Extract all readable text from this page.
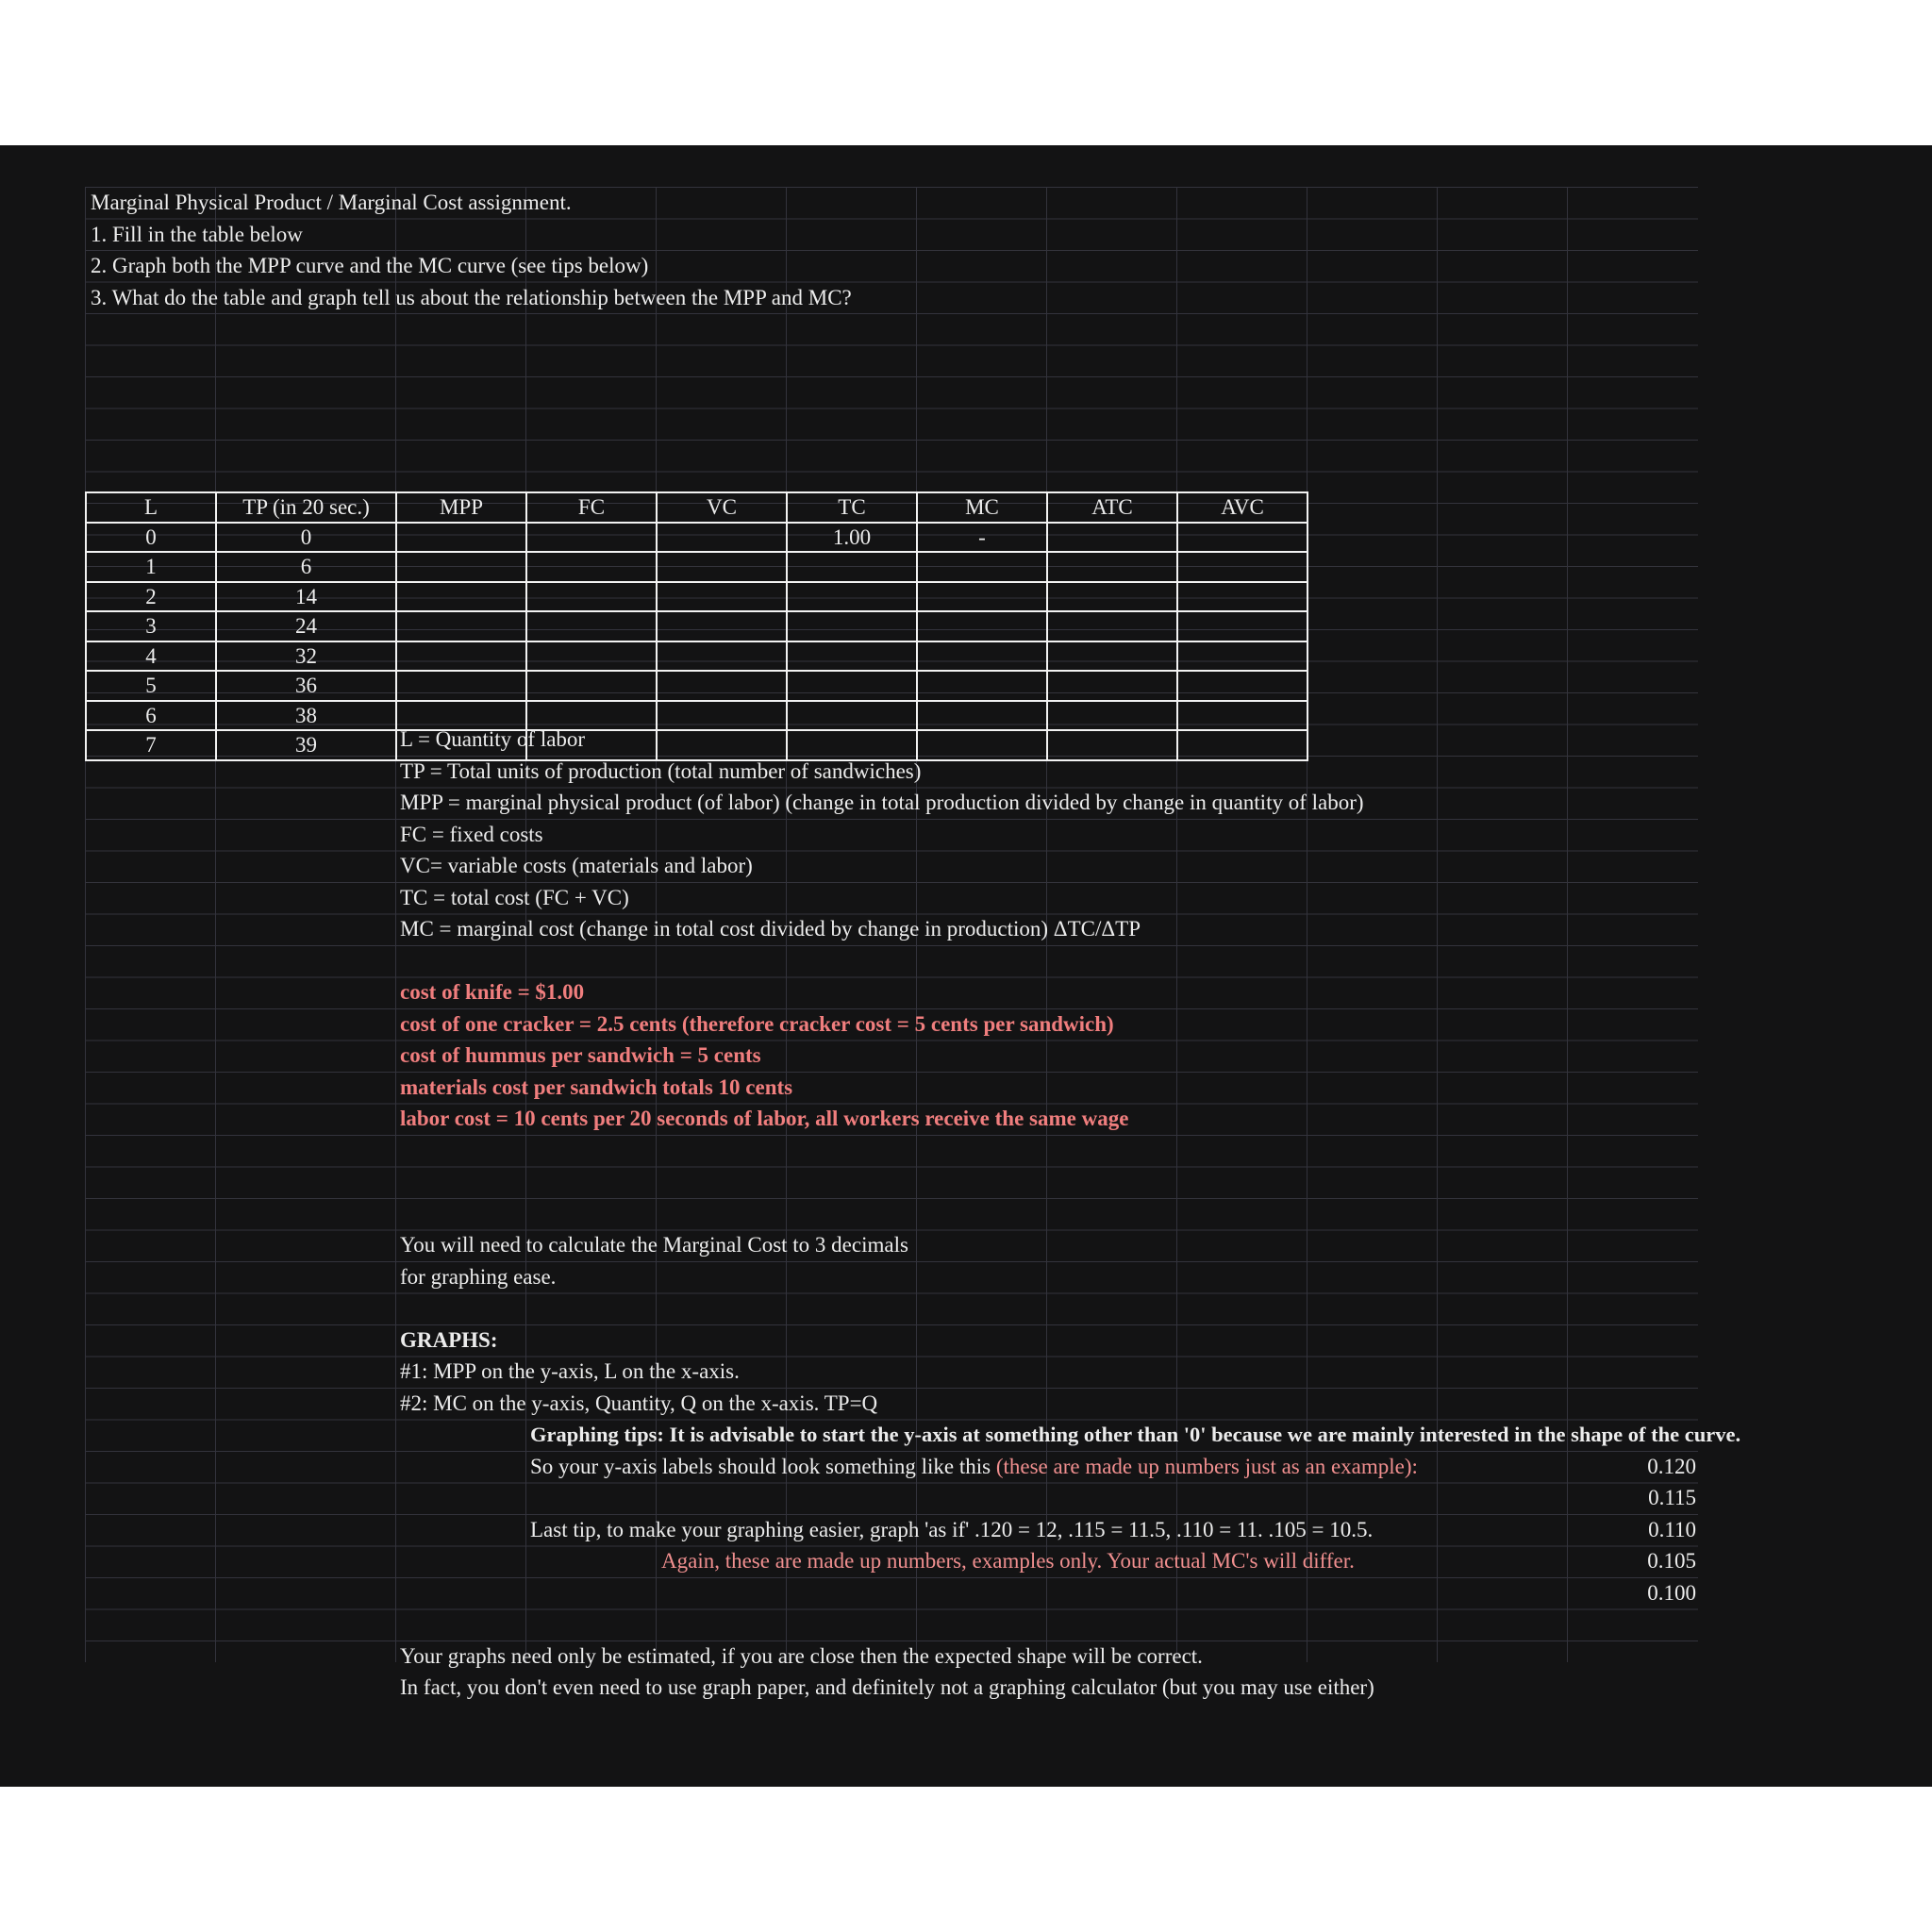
Marginal Physical Product / Marginal Cost assignment.
1. Fill in the table below
2. Graph both the MPP curve and the MC curve (see tips below)
3. What do the table and graph tell us about the relationship between the MPP and MC?
L	TP (in 20 sec.)	MPP	FC	VC	TC	MC	ATC	AVC
0	0				1.00	-		
1	6							
2	14							
3	24							
4	32							
5	36							
6	38							
7	39								L = Quantity of labor
TP = Total units of production (total number of sandwiches)
MPP = marginal physical product (of labor) (change in total production divided by change in quantity of labor)
FC = fixed costs
VC= variable costs (materials and labor)
TC = total cost (FC + VC)
MC = marginal cost (change in total cost divided by change in production) ΔTC/ΔTP
cost of knife = $1.00
cost of one cracker = 2.5 cents (therefore cracker cost = 5 cents per sandwich)
cost of hummus per sandwich = 5 cents
materials cost per sandwich totals 10 cents
labor cost = 10 cents per 20 seconds of labor, all workers receive the same wage
You will need to calculate the Marginal Cost to 3 decimals
for graphing ease.
GRAPHS:
#1: MPP on the y-axis, L on the x-axis.
#2: MC on the y-axis, Quantity, Q on the x-axis. TP=Q
Graphing tips: It is advisable to start the y-axis at something other than '0' because we are mainly interested in the shape of the curve.
So your y-axis labels should look something like this (these are made up numbers just as an example):
Last tip, to make your graphing easier, graph 'as if' .120 = 12, .115 = 11.5, .110 = 11. .105 = 10.5.
Again, these are made up numbers, examples only. Your actual MC's will differ.
0.120
0.115
0.110
0.105
0.100
Your graphs need only be estimated, if you are close then the expected shape will be correct.
In fact, you don't even need to use graph paper, and definitely not a graphing calculator (but you may use either)
